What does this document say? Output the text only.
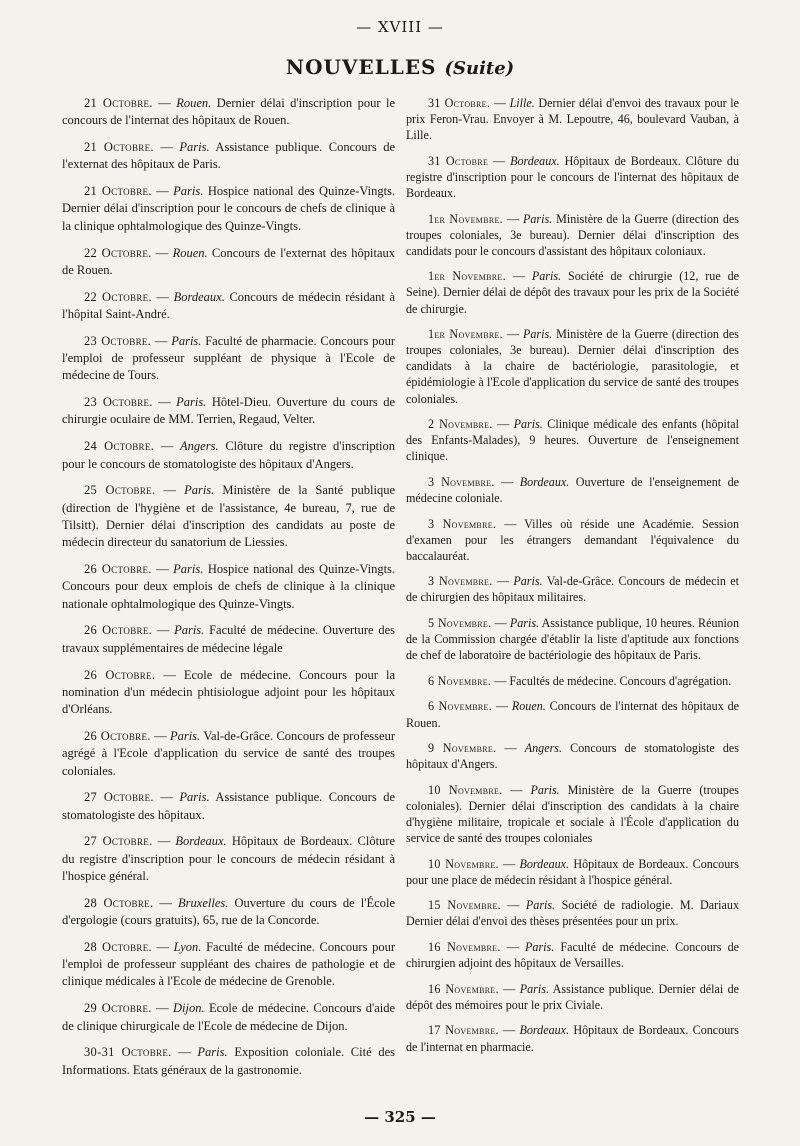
— XVIII —
NOUVELLES (Suite)

21 Octobre. — Rouen. Dernier délai d'inscription pour le concours de l'internat des hôpitaux de Rouen.

21 Octobre. — Paris. Assistance publique. Concours de l'externat des hôpitaux de Paris.

21 Octobre. — Paris. Hospice national des Quinze-Vingts. Dernier délai d'inscription pour le concours de chefs de clinique à la clinique ophtalmologique des Quinze-Vingts.

22 Octobre. — Rouen. Concours de l'externat des hôpitaux de Rouen.

22 Octobre. — Bordeaux. Concours de médecin résidant à l'hôpital Saint-André.

23 Octobre. — Paris. Faculté de pharmacie. Concours pour l'emploi de professeur suppléant de physique à l'Ecole de médecine de Tours.

23 Octobre. — Paris. Hôtel-Dieu. Ouverture du cours de chirurgie oculaire de MM. Terrien, Regaud, Velter.

24 Octobre. — Angers. Clôture du registre d'inscription pour le concours de stomatologiste des hôpitaux d'Angers.

25 Octobre. — Paris. Ministère de la Santé publique (direction de l'hygiène et de l'assistance, 4e bureau, 7, rue de Tilsitt). Dernier délai d'inscription des candidats au poste de médecin directeur du sanatorium de Liessies.

26 Octobre. — Paris. Hospice national des Quinze-Vingts. Concours pour deux emplois de chefs de clinique à la clinique nationale ophtalmologique des Quinze-Vingts.

26 Octobre. — Paris. Faculté de médecine. Ouverture des travaux supplémentaires de médecine légale

26 Octobre. — Ecole de médecine. Concours pour la nomination d'un médecin phtisiologue adjoint pour les hôpitaux d'Orléans.

26 Octobre. — Paris. Val-de-Grâce. Concours de professeur agrégé à l'Ecole d'application du service de santé des troupes coloniales.

27 Octobre. — Paris. Assistance publique. Concours de stomatologiste des hôpitaux.

27 Octobre. — Bordeaux. Hôpitaux de Bordeaux. Clôture du registre d'inscription pour le concours de médecin résidant à l'hospice général.

28 Octobre. — Bruxelles. Ouverture du cours de l'École d'ergologie (cours gratuits), 65, rue de la Concorde.

28 Octobre. — Lyon. Faculté de médecine. Concours pour l'emploi de professeur suppléant des chaires de pathologie et de clinique médicales à l'Ecole de médecine de Grenoble.

29 Octobre. — Dijon. Ecole de médecine. Concours d'aide de clinique chirurgicale de l'Ecole de médecine de Dijon.

30-31 Octobre. — Paris. Exposition coloniale. Cité des Informations. Etats généraux de la gastronomie.

31 Octobre. — Lille. Dernier délai d'envoi des travaux pour le prix Feron-Vrau. Envoyer à M. Lepoutre, 46, boulevard Vauban, à Lille.

31 Octobre — Bordeaux. Hôpitaux de Bordeaux. Clôture du registre d'inscription pour le concours de l'internat des hôpitaux de Bordeaux.

1er Novembre. — Paris. Ministère de la Guerre (direction des troupes coloniales, 3e bureau). Dernier délai d'inscription des candidats pour le concours d'assistant des hôpitaux coloniaux.

1er Novembre. — Paris. Société de chirurgie (12, rue de Seine). Dernier délai de dépôt des travaux pour les prix de la Société de chirurgie.

1er Novembre. — Paris. Ministère de la Guerre (direction des troupes coloniales, 3e bureau). Dernier délai d'inscription des candidats à la chaire de bactériologie, parasitologie, et épidémiologie à l'Ecole d'application du service de santé des troupes coloniales.

2 Novembre. — Paris. Clinique médicale des enfants (hôpital des Enfants-Malades), 9 heures. Ouverture de l'enseignement clinique.

3 Novembre. — Bordeaux. Ouverture de l'enseignement de médecine coloniale.

3 Novembre. — Villes où réside une Académie. Session d'examen pour les étrangers demandant l'équivalence du baccalauréat.

3 Novembre. — Paris. Val-de-Grâce. Concours de médecin et de chirurgien des hôpitaux militaires.

5 Novembre. — Paris. Assistance publique, 10 heures. Réunion de la Commission chargée d'établir la liste d'aptitude aux fonctions de chef de laboratoire de bactériologie des hôpitaux de Paris.

6 Novembre. — Facultés de médecine. Concours d'agrégation.

6 Novembre. — Rouen. Concours de l'internat des hôpitaux de Rouen.

9 Novembre. — Angers. Concours de stomatologiste des hôpitaux d'Angers.

10 Novembre. — Paris. Ministère de la Guerre (troupes coloniales). Dernier délai d'inscription des candidats à la chaire d'hygiène militaire, tropicale et sociale à l'École d'application du service de santé des troupes coloniales

10 Novembre. — Bordeaux. Hôpitaux de Bordeaux. Concours pour une place de médecin résidant à l'hospice général.

15 Novembre. — Paris. Société de radiologie. M. Dariaux Dernier délai d'envoi des thèses présentées pour un prix.

16 Novembre. — Paris. Faculté de médecine. Concours de chirurgien adjoint des hôpitaux de Versailles.

16 Novembre. — Paris. Assistance publique. Dernier délai de dépôt des mémoires pour le prix Civiale.

17 Novembre. — Bordeaux. Hôpitaux de Bordeaux. Concours de l'internat en pharmacie.

— 325 —
